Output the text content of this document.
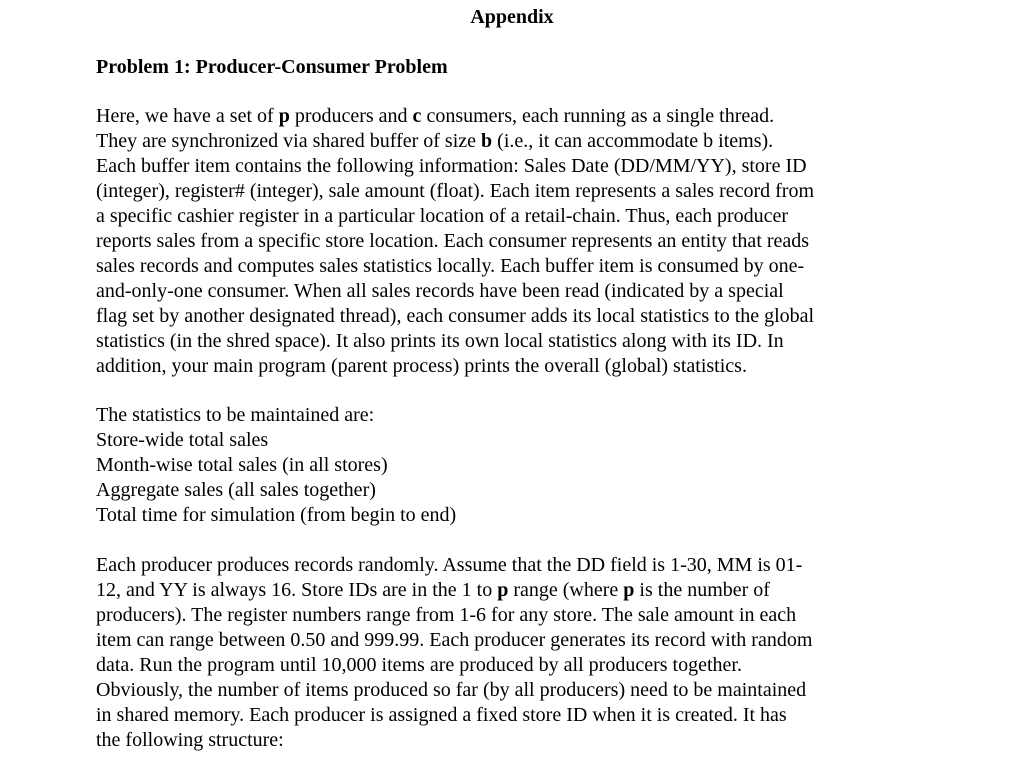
Appendix
Problem 1: Producer-Consumer Problem
Here, we have a set of p producers and c consumers, each running as a single thread.
They are synchronized via shared buffer of size b (i.e., it can accommodate b items).
Each buffer item contains the following information: Sales Date (DD/MM/YY), store ID
(integer), register# (integer), sale amount (float). Each item represents a sales record from
a specific cashier register in a particular location of a retail-chain. Thus, each producer
reports sales from a specific store location. Each consumer represents an entity that reads
sales records and computes sales statistics locally. Each buffer item is consumed by one-
and-only-one consumer. When all sales records have been read (indicated by a special
flag set by another designated thread), each consumer adds its local statistics to the global
statistics (in the shred space). It also prints its own local statistics along with its ID. In
addition, your main program (parent process) prints the overall (global) statistics.
The statistics to be maintained are:
Store-wide total sales
Month-wise total sales (in all stores)
Aggregate sales (all sales together)
Total time for simulation (from begin to end)
Each producer produces records randomly. Assume that the DD field is 1-30, MM is 01-
12, and YY is always 16. Store IDs are in the 1 to p range (where p is the number of
producers). The register numbers range from 1-6 for any store. The sale amount in each
item can range between 0.50 and 999.99. Each producer generates its record with random
data. Run the program until 10,000 items are produced by all producers together.
Obviously, the number of items produced so far (by all producers) need to be maintained
in shared memory. Each producer is assigned a fixed store ID when it is created. It has
the following structure:
